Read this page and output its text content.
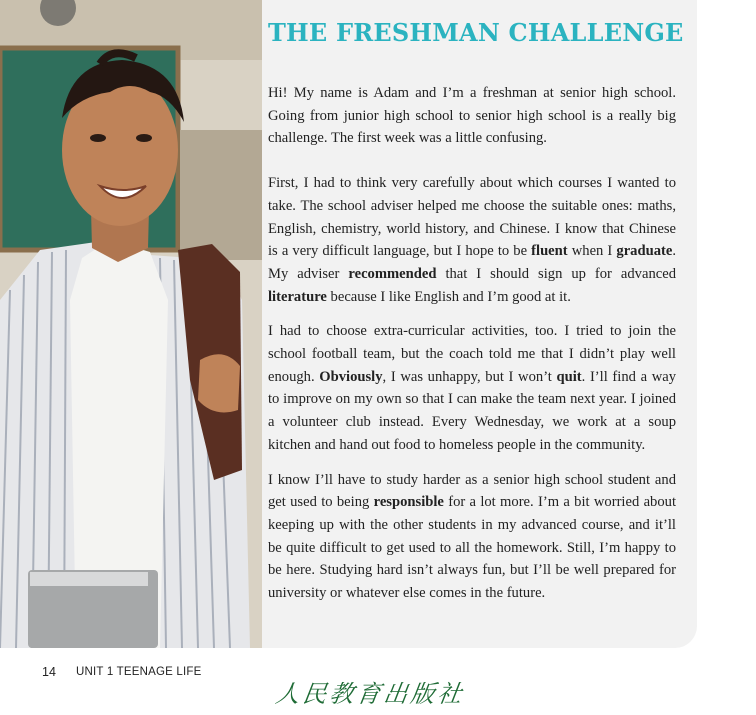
THE FRESHMAN CHALLENGE

Hi! My name is Adam and I’m a freshman at senior high school. Going from junior high school to senior high school is a really big challenge. The first week was a little confusing.

First, I had to think very carefully about which courses I wanted to take. The school adviser helped me choose the suitable ones: maths, English, chemistry, world history, and Chinese. I know that Chinese is a very difficult language, but I hope to be fluent when I graduate. My adviser recommended that I should sign up for advanced literature because I like English and I’m good at it.

I had to choose extra-curricular activities, too. I tried to join the school football team, but the coach told me that I didn’t play well enough. Obviously, I was unhappy, but I won’t quit. I’ll find a way to improve on my own so that I can make the team next year. I joined a volunteer club instead. Every Wednesday, we work at a soup kitchen and hand out food to homeless people in the community.

I know I’ll have to study harder as a senior high school student and get used to being responsible for a lot more. I’m a bit worried about keeping up with the other students in my advanced course, and it’ll be quite difficult to get used to all the homework. Still, I’m happy to be here. Studying hard isn’t always fun, but I’ll be well prepared for university or whatever else comes in the future.

14 UNIT 1 TEENAGE LIFE
人民教育出版社
